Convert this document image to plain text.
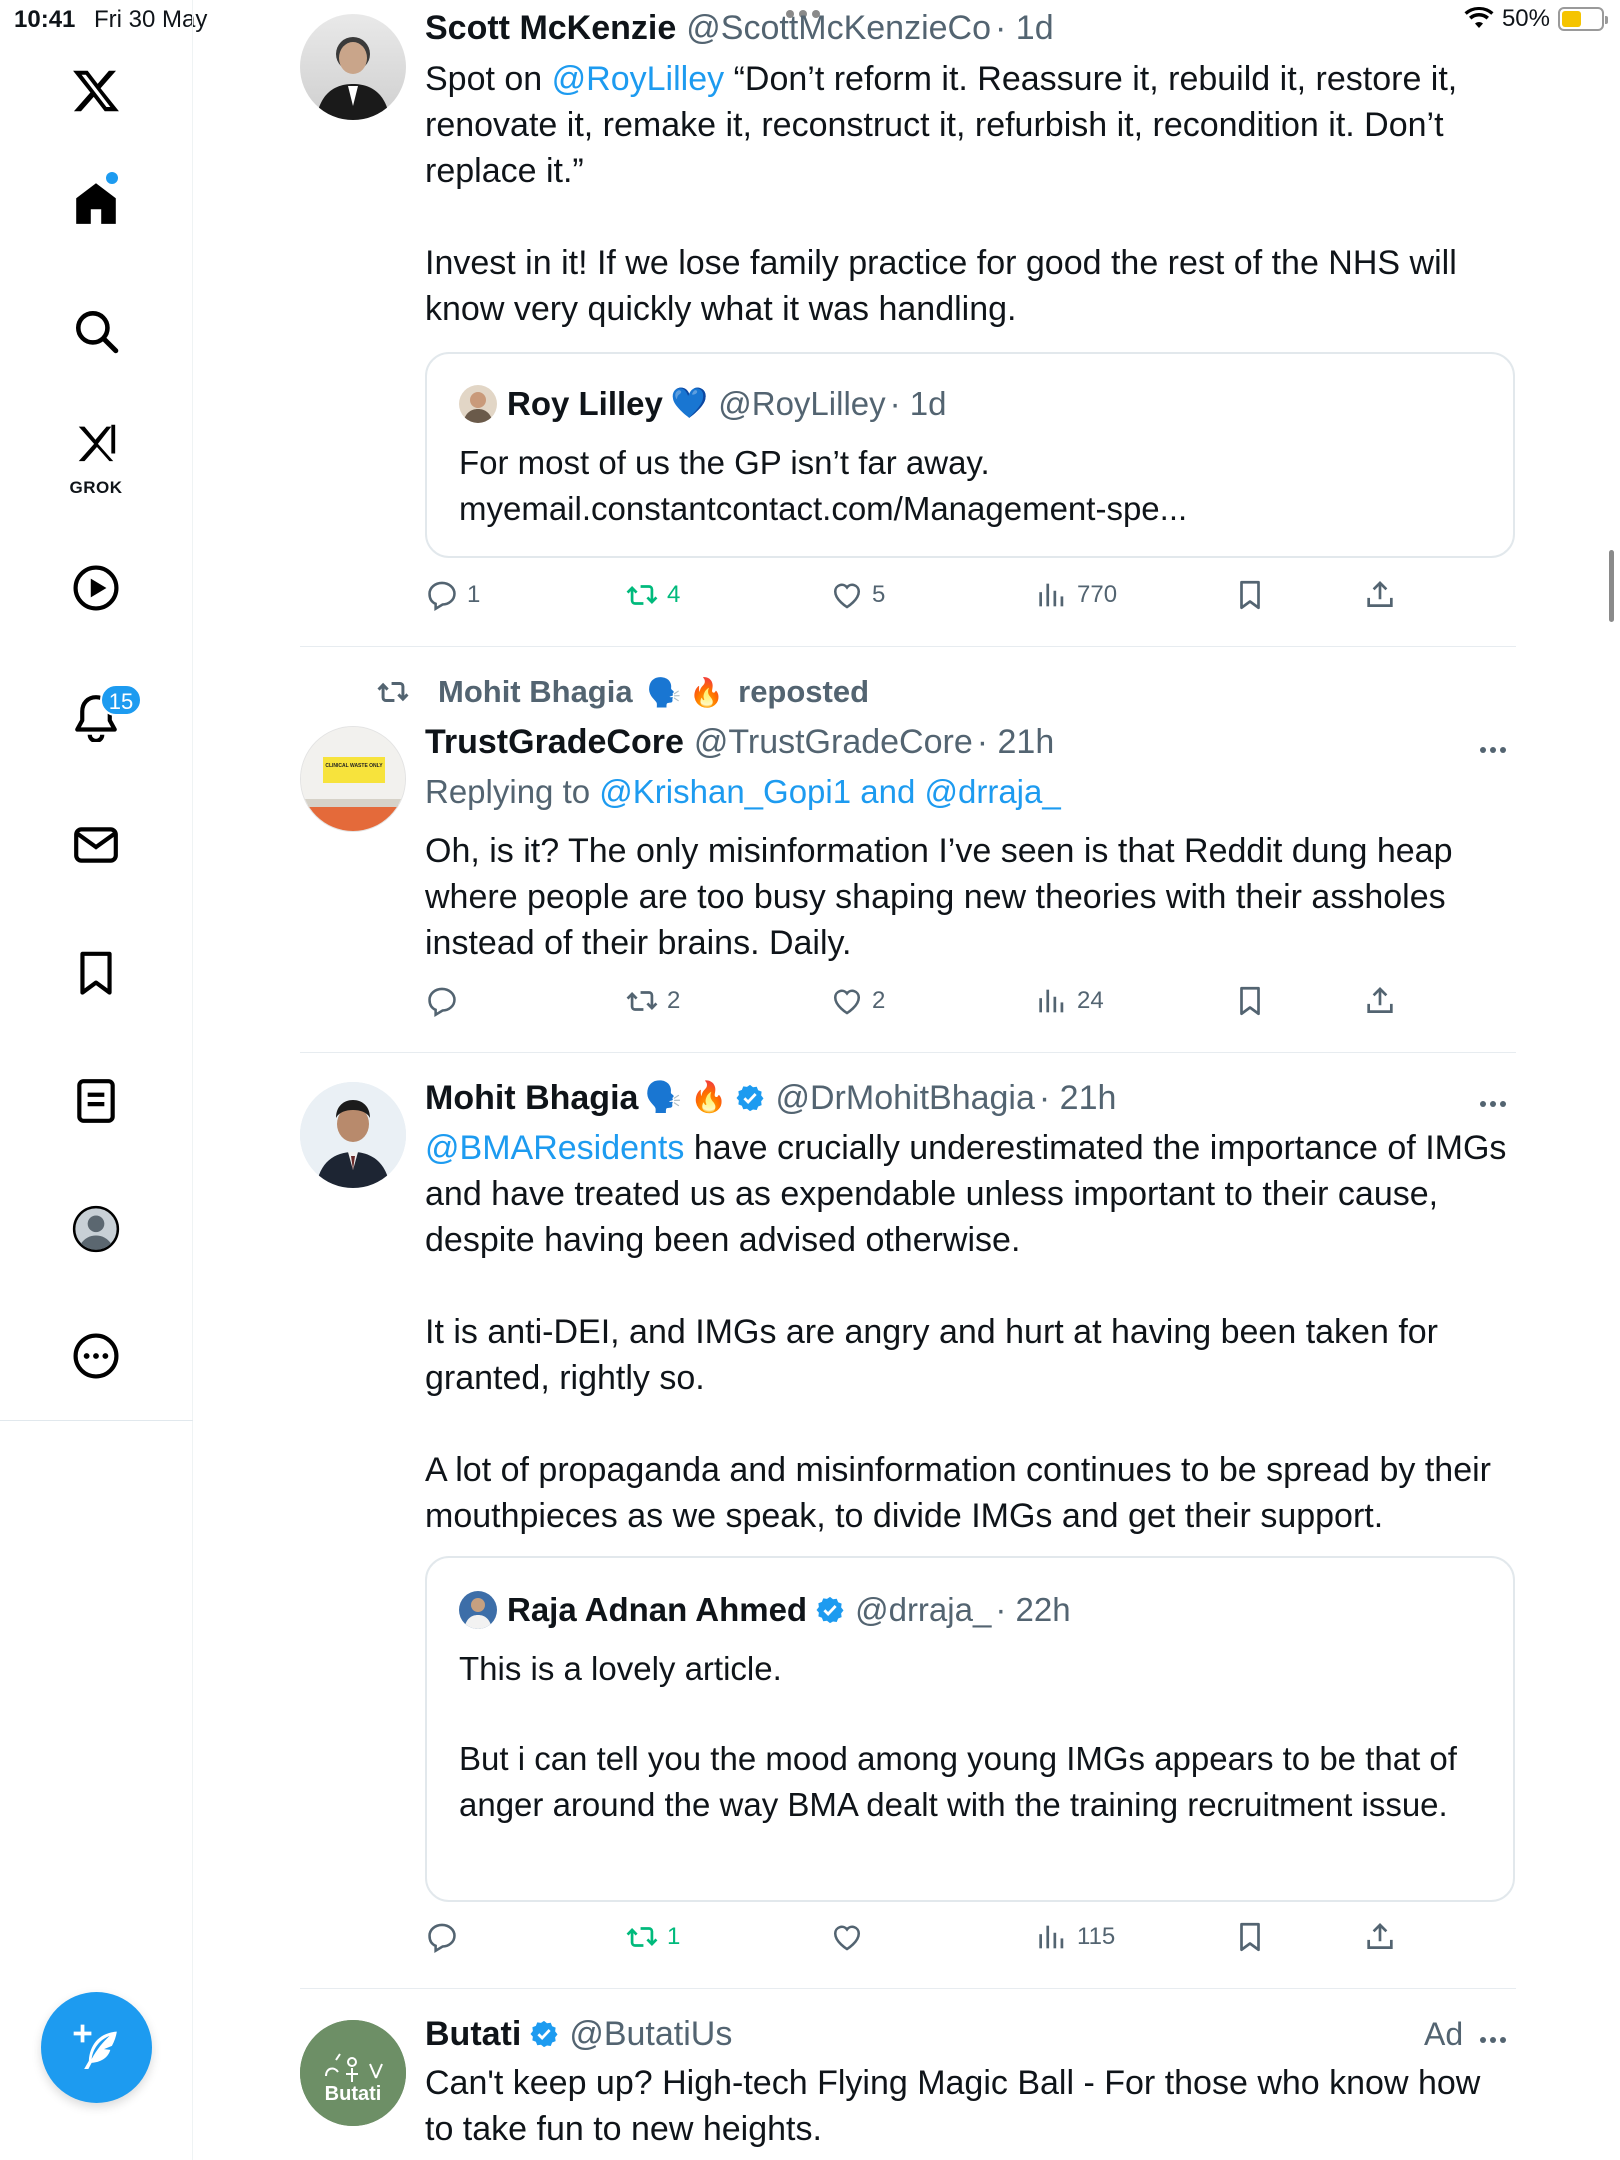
10:41 Fri 30 May	50%
GROK
15
Scott McKenzie @ScottMcKenzieCo · 1d
Spot on @RoyLilley “Don’t reform it. Reassure it, rebuild it, restore it, renovate it, remake it, reconstruct it, refurbish it, recondition it. Don’t replace it.”
Invest in it! If we lose family practice for good the rest of the NHS will know very quickly what it was handling.
Roy Lilley 💙 @RoyLilley · 1d
For most of us the GP isn’t far away.
myemail.constantcontact.com/Management-spe...
1	4	5	770
Mohit Bhagia 🗣️ 🔥 reposted
CLINICAL WASTE ONLY
TrustGradeCore @TrustGradeCore · 21h
Replying to @Krishan_Gopi1 and @drraja_
Oh, is it? The only misinformation I’ve seen is that Reddit dung heap where people are too busy shaping new theories with their assholes instead of their brains. Daily.
2	2	24
Mohit Bhagia 🗣️ 🔥 @DrMohitBhagia · 21h
@BMAResidents have crucially underestimated the importance of IMGs and have treated us as expendable unless important to their cause, despite having been advised otherwise.
It is anti-DEI, and IMGs are angry and hurt at having been taken for granted, rightly so.
A lot of propaganda and misinformation continues to be spread by their mouthpieces as we speak, to divide IMGs and get their support.
Raja Adnan Ahmed @drraja_ · 22h
This is a lovely article.
But i can tell you the mood among young IMGs appears to be that of anger around the way BMA dealt with the training recruitment issue.
1	115
Butati
Butati @ButatiUs	Ad
Can't keep up? High-tech Flying Magic Ball - For those who know how to take fun to new heights.
